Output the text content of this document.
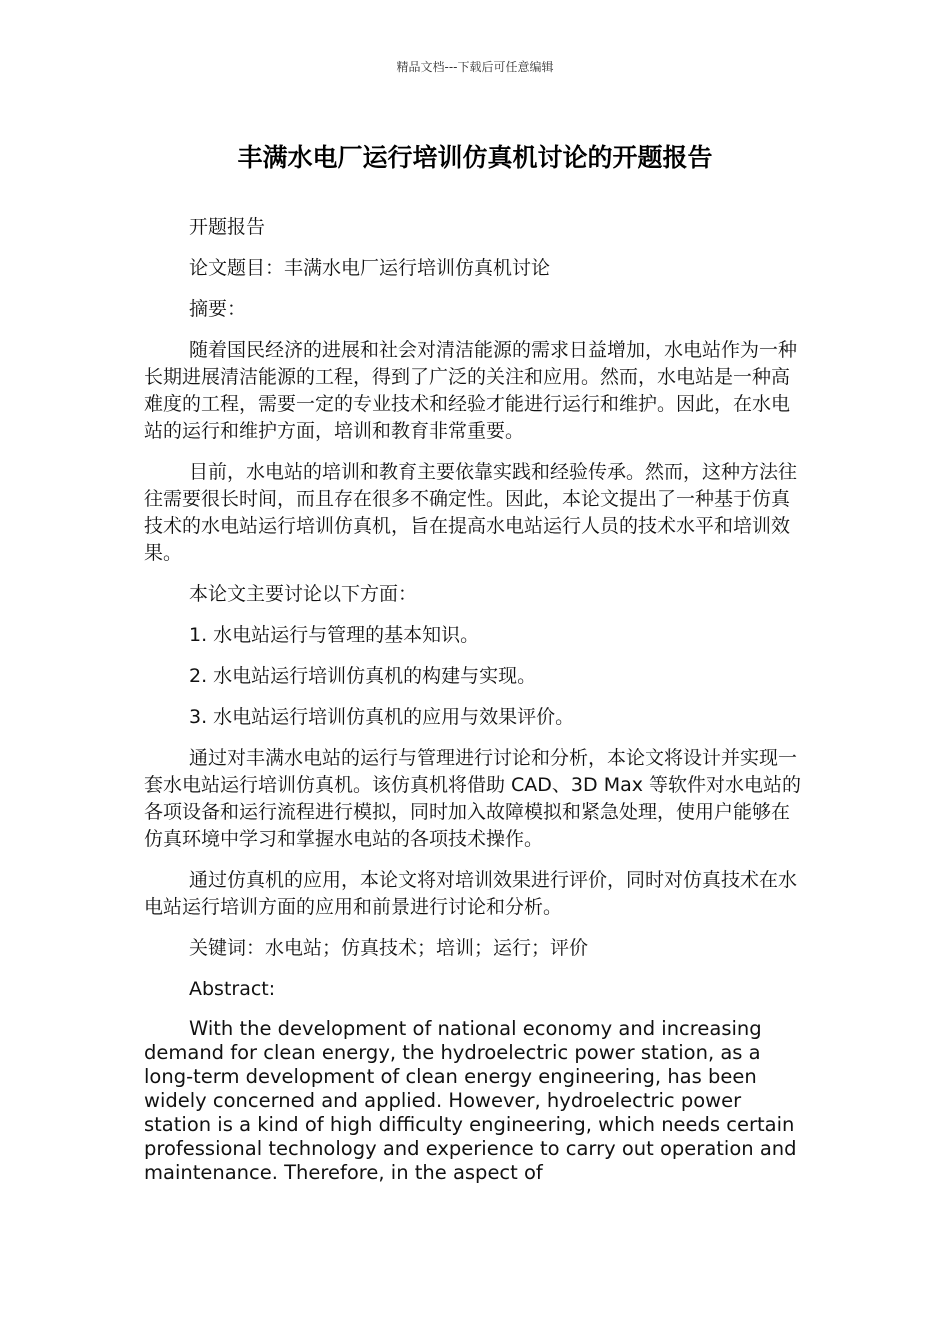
精品文档---下载后可任意编辑
丰满水电厂运行培训仿真机讨论的开题报告

开题报告

论文题目：丰满水电厂运行培训仿真机讨论

摘要：

随着国民经济的进展和社会对清洁能源的需求日益增加，水电站作为一种长期进展清洁能源的工程，得到了广泛的关注和应用。然而，水电站是一种高难度的工程，需要一定的专业技术和经验才能进行运行和维护。因此，在水电站的运行和维护方面，培训和教育非常重要。

目前，水电站的培训和教育主要依靠实践和经验传承。然而，这种方法往往需要很长时间，而且存在很多不确定性。因此，本论文提出了一种基于仿真技术的水电站运行培训仿真机，旨在提高水电站运行人员的技术水平和培训效果。

本论文主要讨论以下方面：

1. 水电站运行与管理的基本知识。

2. 水电站运行培训仿真机的构建与实现。

3. 水电站运行培训仿真机的应用与效果评价。

通过对丰满水电站的运行与管理进行讨论和分析，本论文将设计并实现一套水电站运行培训仿真机。该仿真机将借助 CAD、3D Max 等软件对水电站的各项设备和运行流程进行模拟，同时加入故障模拟和紧急处理，使用户能够在仿真环境中学习和掌握水电站的各项技术操作。

通过仿真机的应用，本论文将对培训效果进行评价，同时对仿真技术在水电站运行培训方面的应用和前景进行讨论和分析。

关键词：水电站；仿真技术；培训；运行；评价

Abstract:

With the development of national economy and increasing demand for clean energy, the hydroelectric power station, as a long-term development of clean energy engineering, has been widely concerned and applied. However, hydroelectric power station is a kind of high difficulty engineering, which needs certain professional technology and experience to carry out operation and maintenance. Therefore, in the aspect of
